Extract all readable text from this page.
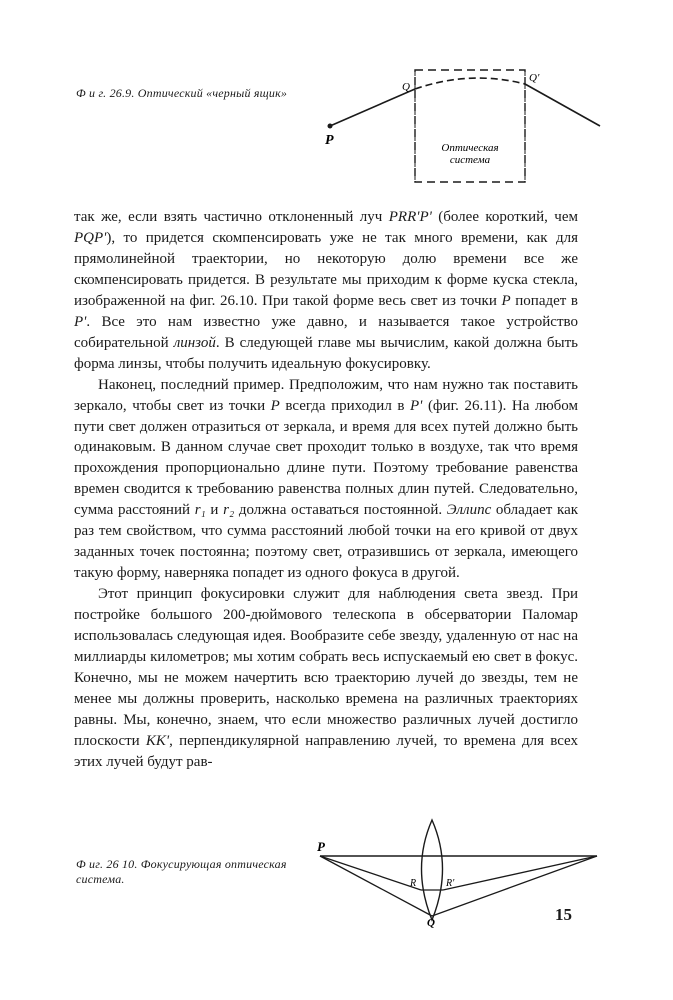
Ф и г. 26.9. Оптический «черный ящик»
P
Q
Q'
Оптическая
система

так же, если взять частично отклоненный луч PRR'P' (более короткий, чем PQP'), то придется скомпенсировать уже не так много времени, как для прямолинейной траектории, но некоторую долю времени все же скомпенсировать придется. В результате мы приходим к форме куска стекла, изображенной на фиг. 26.10. При такой форме весь свет из точки P попадет в P'. Все это нам известно уже давно, и называется такое устройство собирательной линзой. В следующей главе мы вычислим, какой должна быть форма линзы, чтобы получить идеальную фокусировку.

Наконец, последний пример. Предположим, что нам нужно так поставить зеркало, чтобы свет из точки P всегда приходил в P' (фиг. 26.11). На любом пути свет должен отразиться от зеркала, и время для всех путей должно быть одинаковым. В данном случае свет проходит только в воздухе, так что время прохождения пропорционально длине пути. Поэтому требование равенства времен сводится к требованию равенства полных длин путей. Следовательно, сумма расстояний r₁ и r₂ должна оставаться постоянной. Эллипс обладает как раз тем свойством, что сумма расстояний любой точки на его кривой от двух заданных точек постоянна; поэтому свет, отразившись от зеркала, имеющего такую форму, наверняка попадет из одного фокуса в другой.

Этот принцип фокусировки служит для наблюдения света звезд. При постройке большого 200-дюймового телескопа в обсерватории Паломар использовалась следующая идея. Вообразите себе звезду, удаленную от нас на миллиарды километров; мы хотим собрать весь испускаемый ею свет в фокус. Конечно, мы не можем начертить всю траекторию лучей до звезды, тем не менее мы должны проверить, насколько времена на различных траекториях равны. Мы, конечно, знаем, что если множество различных лучей достигло плоскости KK', перпендикулярной направлению лучей, то времена для всех этих лучей будут рав-

Ф иг. 26 10. Фокусирующая оптическая система.
P
R	R'
Q	15
